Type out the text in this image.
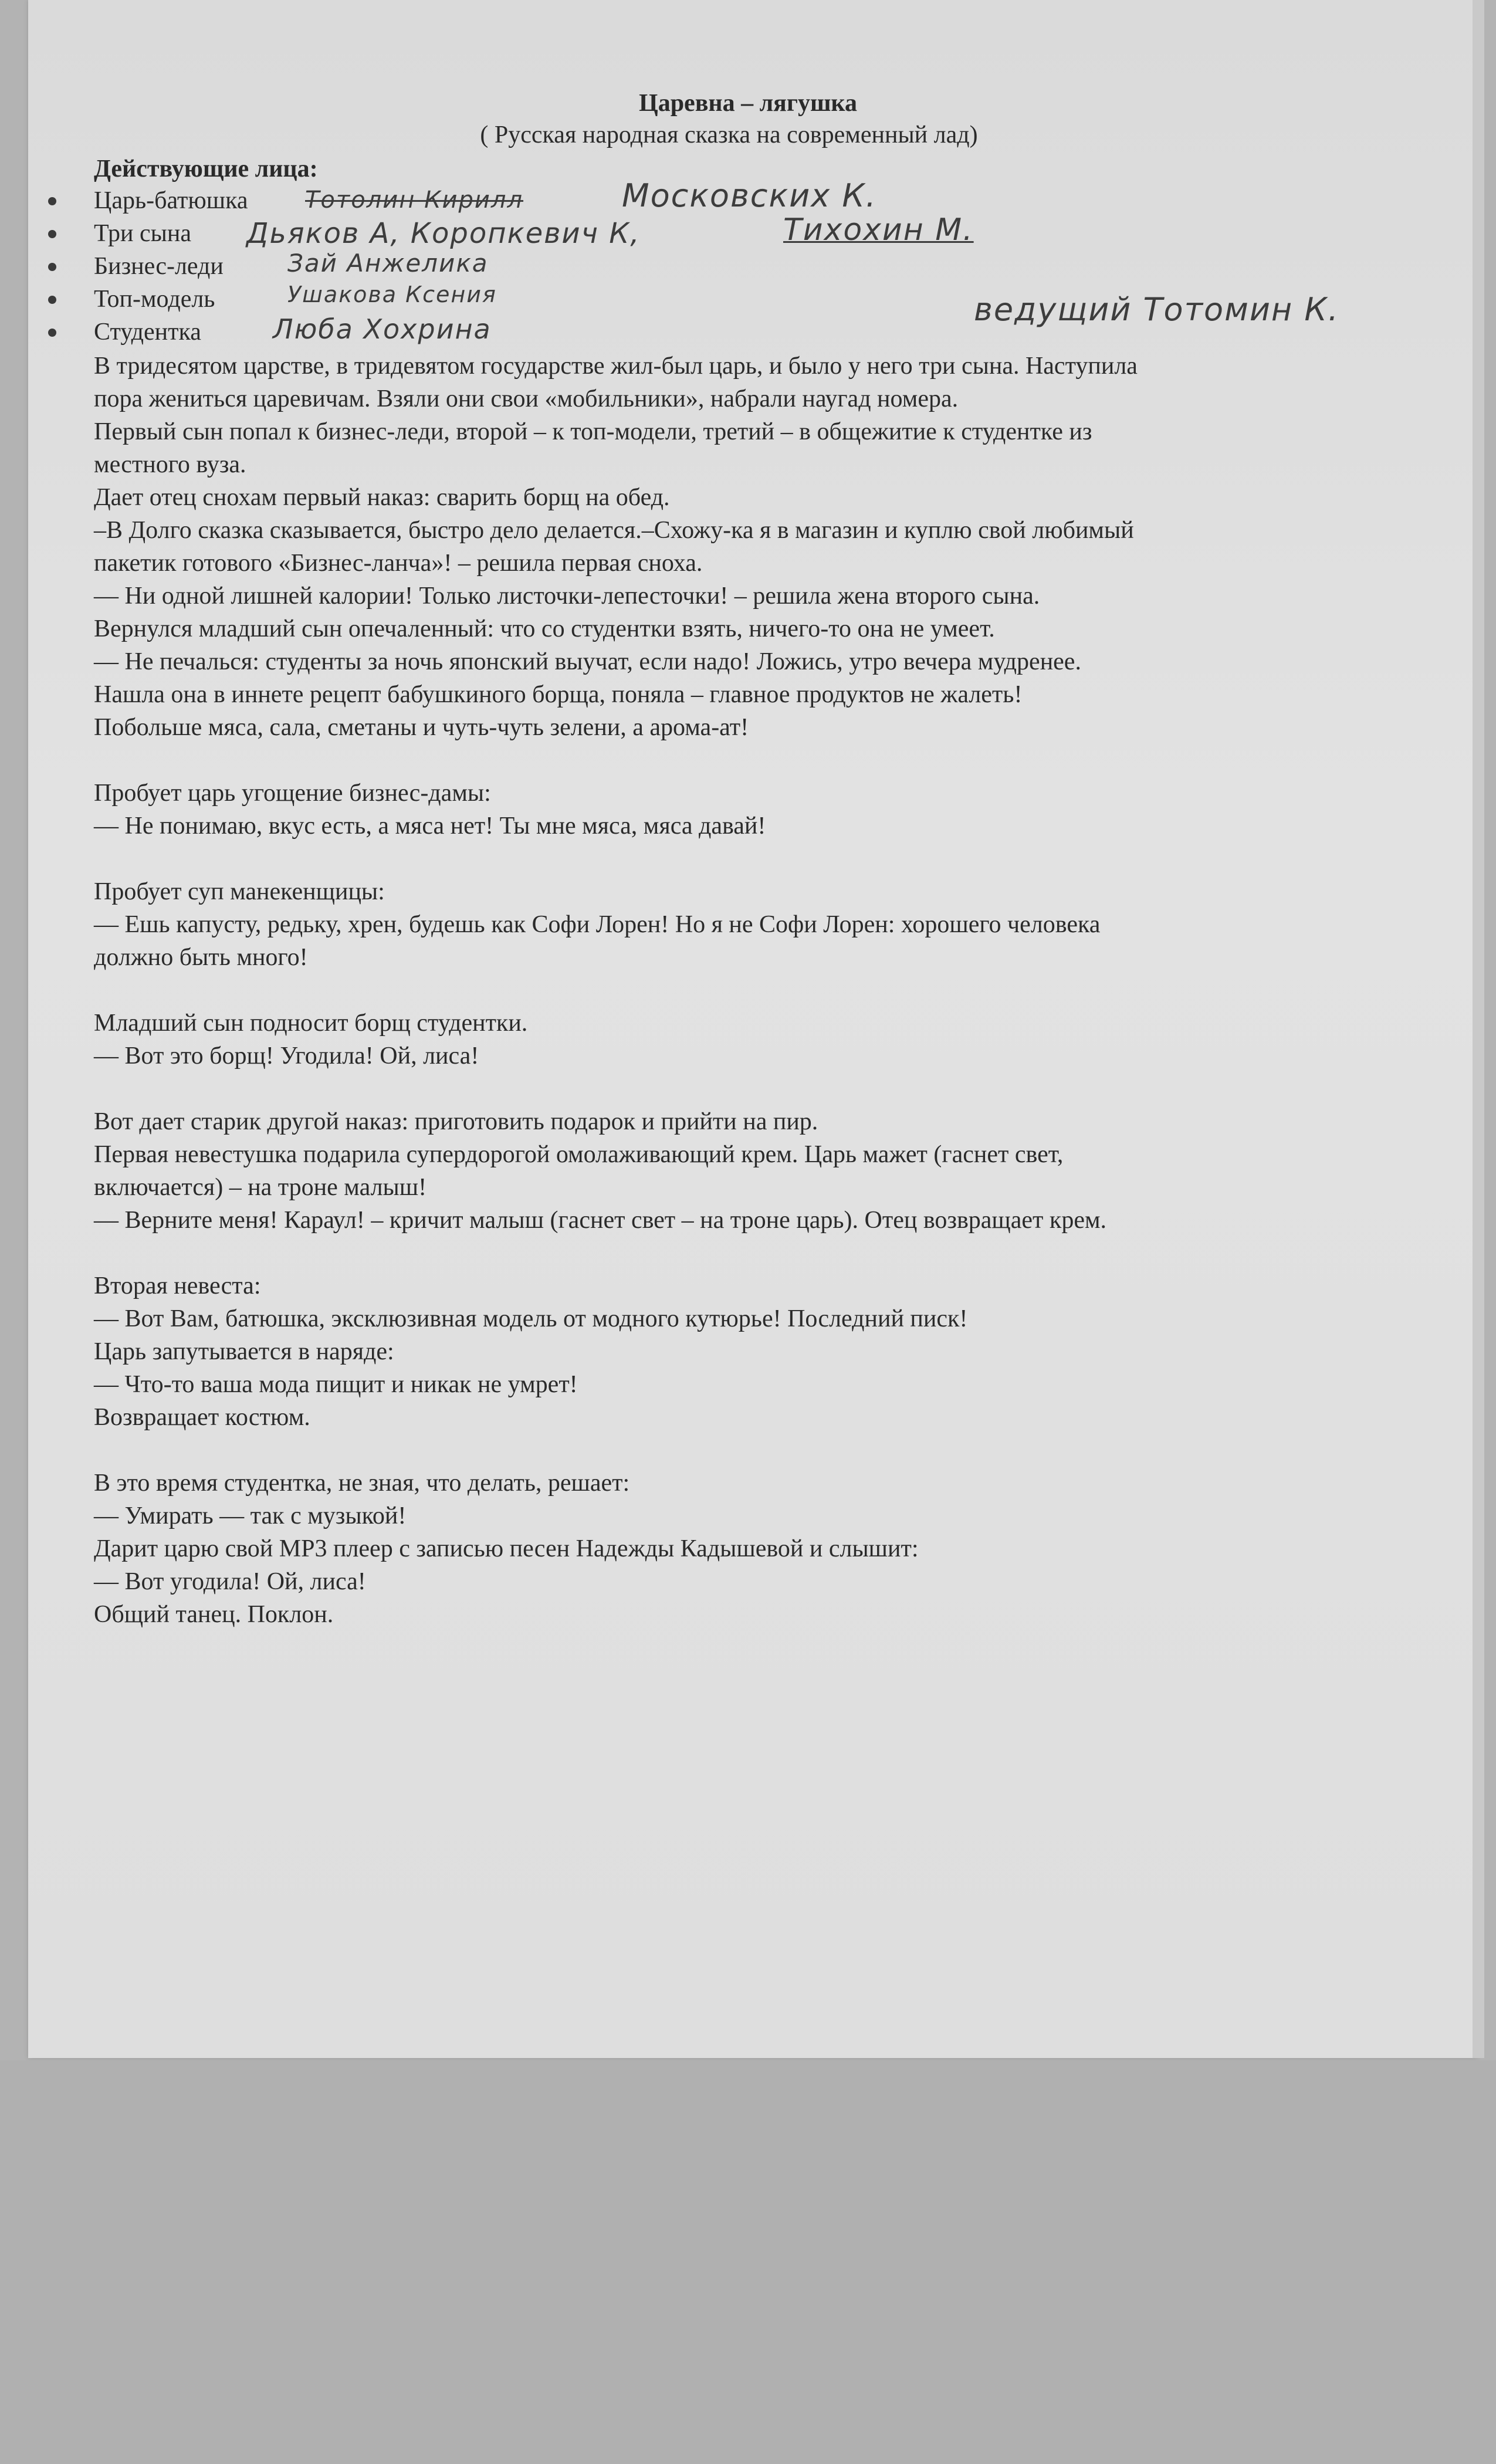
Царевна – лягушка
( Русская народная сказка на современный лад)
Действующие лица:
Царь-батюшка Тотолин Кирилл	Московских К.
Три сына Дьяков А, Коропкевич К,	Тихохин М.
Бизнес-леди	Зай Анжелика
Топ-модель	Ушакова Ксения
Студентка	Люба Хохрина
ведущий Тотомин К.
В тридесятом царстве, в тридевятом государстве жил-был царь, и было у него три сына. Наступила
пора жениться царевичам. Взяли они свои «мобильники», набрали наугад номера.
Первый сын попал к бизнес-леди, второй – к топ-модели, третий – в общежитие к студентке из
местного вуза.
Дает отец снохам первый наказ: сварить борщ на обед.
–В Долго сказка сказывается, быстро дело делается.–Схожу-ка я в магазин и куплю свой любимый
пакетик готового «Бизнес-ланча»! – решила первая сноха.
— Ни одной лишней калории! Только листочки-лепесточки! – решила жена второго сына.
Вернулся младший сын опечаленный: что со студентки взять, ничего-то она не умеет.
— Не печалься: студенты за ночь японский выучат, если надо! Ложись, утро вечера мудренее.
Нашла она в иннете рецепт бабушкиного борща, поняла – главное продуктов не жалеть!
Побольше мяса, сала, сметаны и чуть-чуть зелени, а арома-ат!
Пробует царь угощение бизнес-дамы:
— Не понимаю, вкус есть, а мяса нет! Ты мне мяса, мяса давай!
Пробует суп манекенщицы:
— Ешь капусту, редьку, хрен, будешь как Софи Лорен! Но я не Софи Лорен: хорошего человека
должно быть много!
Младший сын подносит борщ студентки.
— Вот это борщ! Угодила! Ой, лиса!
Вот дает старик другой наказ: приготовить подарок и прийти на пир.
Первая невестушка подарила супердорогой омолаживающий крем. Царь мажет (гаснет свет,
включается) – на троне малыш!
— Верните меня! Караул! – кричит малыш (гаснет свет – на троне царь). Отец возвращает крем.
Вторая невеста:
— Вот Вам, батюшка, эксклюзивная модель от модного кутюрье! Последний писк!
Царь запутывается в наряде:
— Что-то ваша мода пищит и никак не умрет!
Возвращает костюм.
В это время студентка, не зная, что делать, решает:
— Умирать — так с музыкой!
Дарит царю свой MP3 плеер с записью песен Надежды Кадышевой и слышит:
— Вот угодила! Ой, лиса!
Общий танец. Поклон.
